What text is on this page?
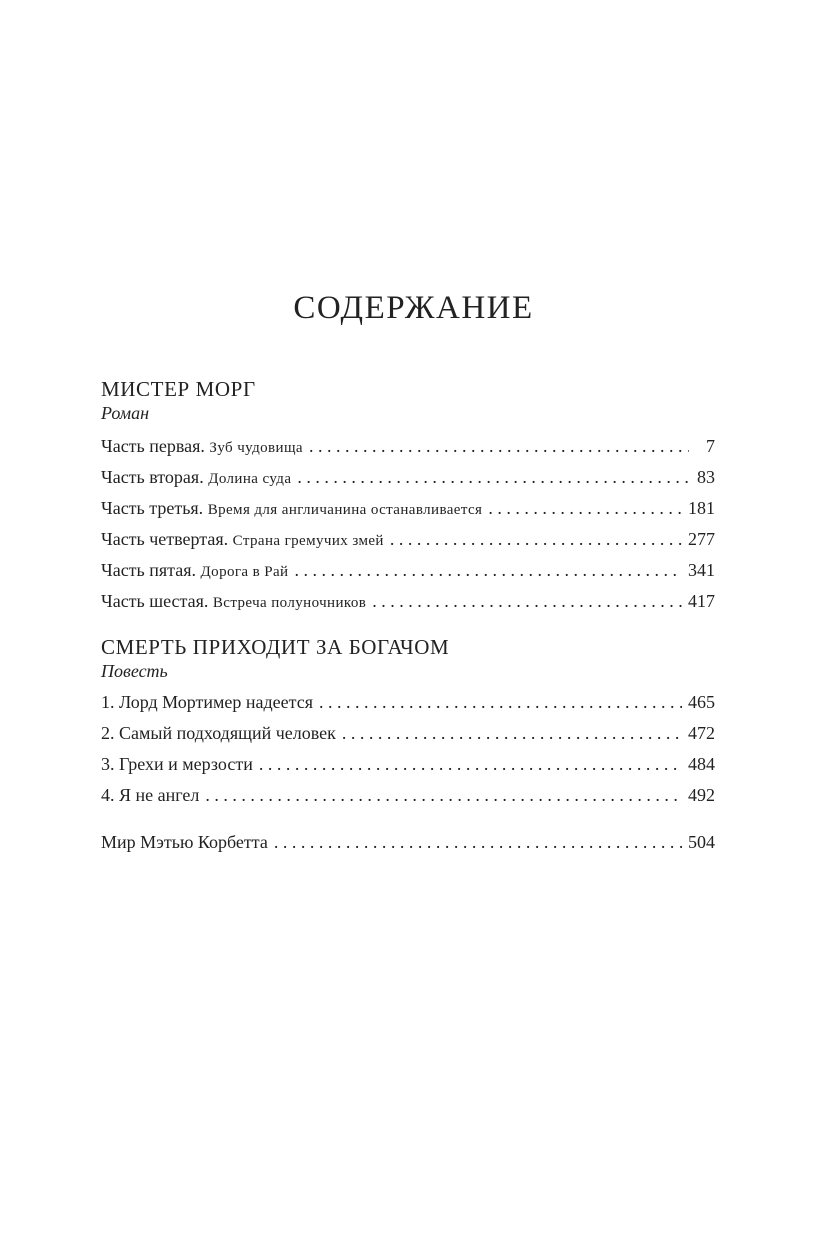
СОДЕРЖАНИЕ
МИСТЕР МОРГ

Роман

Часть первая. Зуб чудовища . . .	7
Часть вторая. Долина суда . . .	83
Часть третья. Время для англичанина останавливается . . .	181
Часть четвертая. Страна гремучих змей . . .	277
Часть пятая. Дорога в Рай . . .	341
Часть шестая. Встреча полуночников . . .	417
СМЕРТЬ ПРИХОДИТ ЗА БОГАЧОМ

Повесть

1. Лорд Мортимер надеется . . .	465
2. Самый подходящий человек . . .	472
3. Грехи и мерзости . . .	484
4. Я не ангел . . .	492
Мир Мэтью Корбетта . . .	504
